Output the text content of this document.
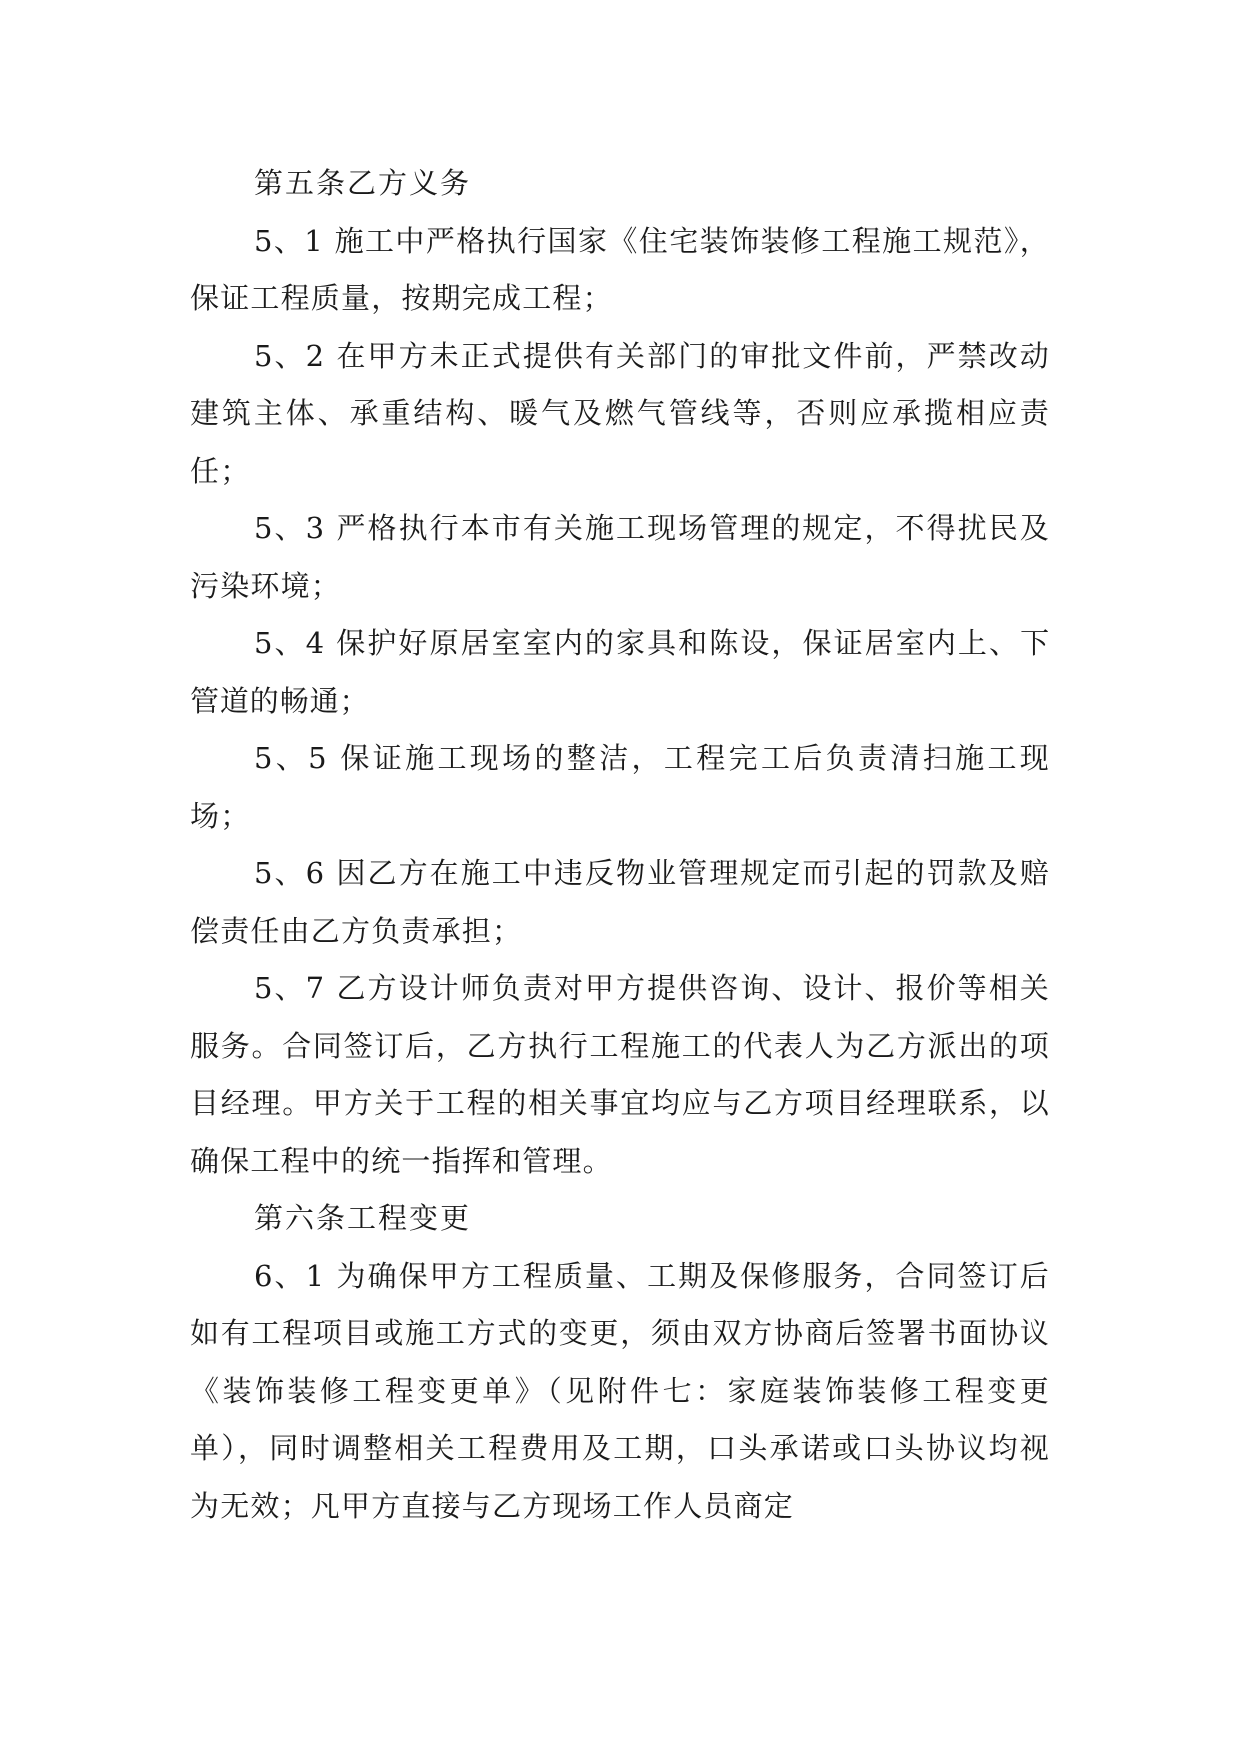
第五条乙方义务

5、1 施工中严格执行国家《住宅装饰装修工程施工规范》，保证工程质量，按期完成工程；

5、2 在甲方未正式提供有关部门的审批文件前，严禁改动建筑主体、承重结构、暖气及燃气管线等，否则应承揽相应责任；

5、3 严格执行本市有关施工现场管理的规定，不得扰民及污染环境；

5、4 保护好原居室室内的家具和陈设，保证居室内上、下管道的畅通；

5、5 保证施工现场的整洁，工程完工后负责清扫施工现场；

5、6 因乙方在施工中违反物业管理规定而引起的罚款及赔偿责任由乙方负责承担；

5、7 乙方设计师负责对甲方提供咨询、设计、报价等相关服务。合同签订后，乙方执行工程施工的代表人为乙方派出的项目经理。甲方关于工程的相关事宜均应与乙方项目经理联系，以确保工程中的统一指挥和管理。

第六条工程变更

6、1 为确保甲方工程质量、工期及保修服务，合同签订后如有工程项目或施工方式的变更，须由双方协商后签署书面协议《装饰装修工程变更单》（见附件七：家庭装饰装修工程变更单），同时调整相关工程费用及工期，口头承诺或口头协议均视为无效；凡甲方直接与乙方现场工作人员商定
